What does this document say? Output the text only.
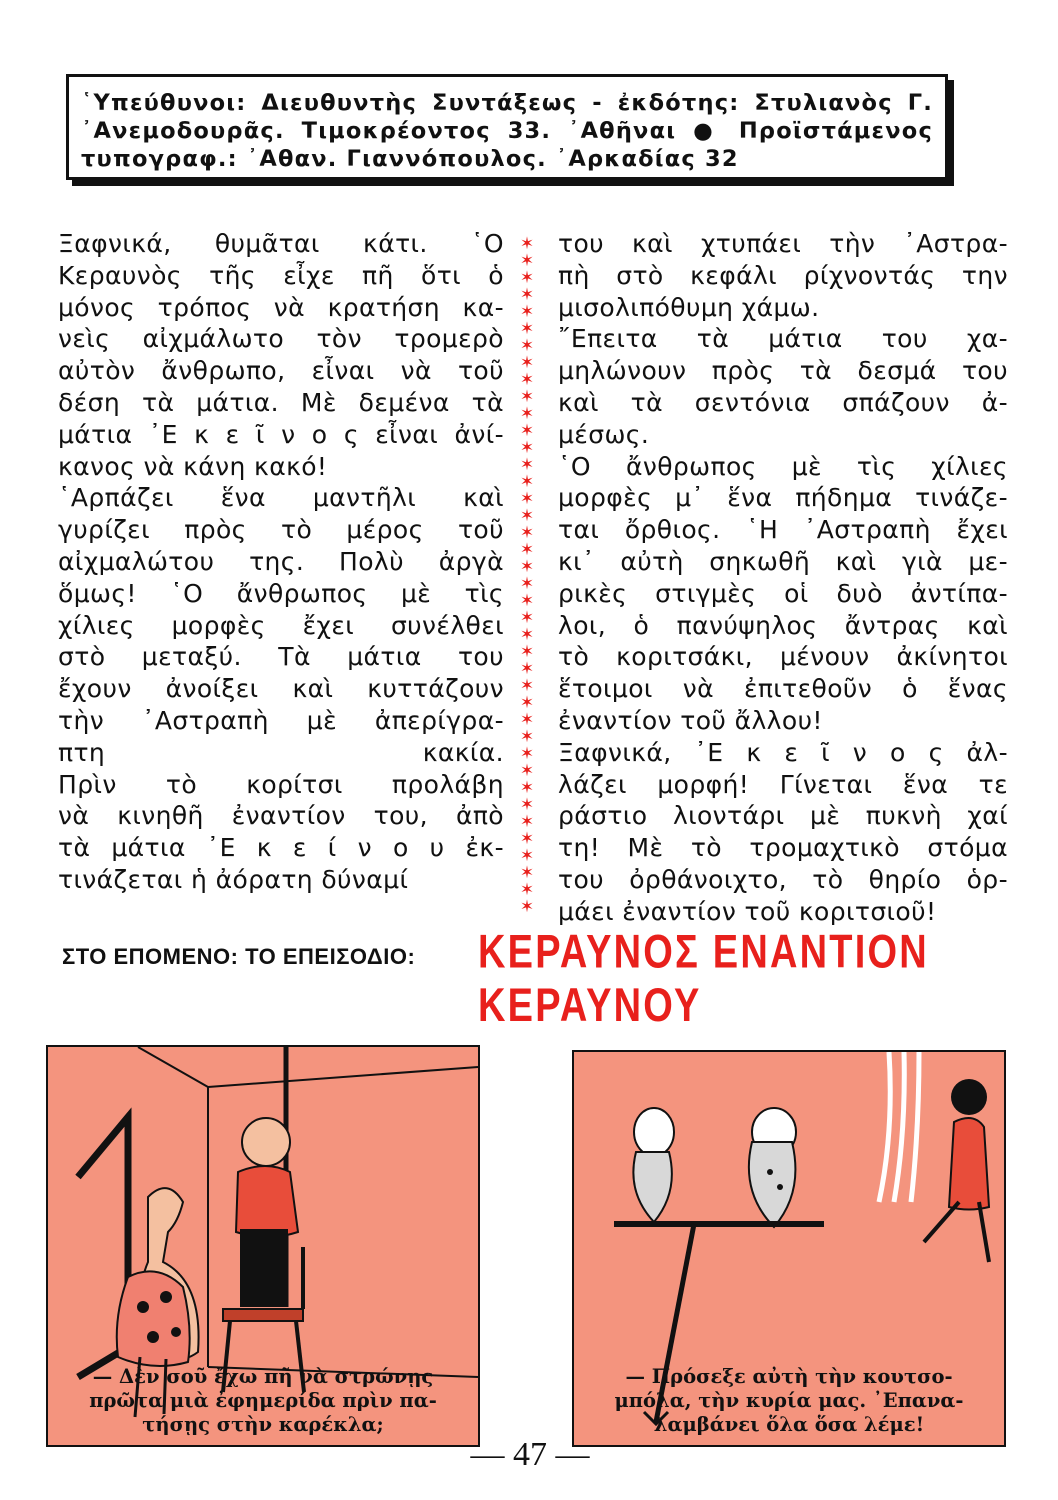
῾Υπεύθυνοι: Διευθυντὴς Συντάξεως - ἐκδότης: Στυλιανὸς Γ.

᾿Ανεμοδουρᾶς. Τιμοκρέοντος 33. ᾿Αθῆναι ● Προϊστάμενος

τυπογραφ.: ᾿Αθαν. Γιαννόπουλος. ᾿Αρκαδίας 32

Ξαφνικά, θυμᾶται κάτι. ῾Ο
Κεραυνὸς τῆς εἶχε πῆ ὅτι ὁ
μόνος τρόπος νὰ κρατήση κα-
νεὶς αἰχμάλωτο τὸν τρομερὸ
αὐτὸν ἄνθρωπο, εἶναι νὰ τοῦ
δέση τὰ μάτια. Μὲ δεμένα τὰ
μάτια ᾿Ε κ ε ῖ ν ο ς εἶναι ἀνί-
κανος νὰ κάνη κακό!
῾Αρπάζει ἕνα μαντῆλι καὶ
γυρίζει πρὸς τὸ μέρος τοῦ
αἰχμαλώτου της. Πολὺ ἀργὰ
ὅμως! ῾Ο ἄνθρωπος μὲ τὶς
χίλιες μορφὲς ἔχει συνέλθει
στὸ μεταξύ. Τὰ μάτια του
ἔχουν ἀνοίξει καὶ κυττάζουν
τὴν ᾿Αστραπὴ μὲ ἀπερίγρα-
πτη κακία.
Πρὶν τὸ κορίτσι προλάβη
νὰ κινηθῆ ἐναντίον του, ἀπὸ
τὰ μάτια ᾿Ε κ ε ί ν ο υ ἐκ-
τινάζεται ἡ ἀόρατη δύναμί
✶
✶
✶
✶
✶
✶
✶
✶
✶
✶
✶
✶
✶
✶
✶
✶
✶
✶
✶
✶
✶
✶
✶
✶
✶
✶
✶
✶
✶
✶
✶
✶
✶
✶
✶
✶
✶
✶
✶
✶
του καὶ χτυπάει τὴν ᾿Αστρα-
πὴ στὸ κεφάλι ρίχνοντάς την
μισολιπόθυμη χάμω.
῎Επειτα τὰ μάτια του χα-
μηλώνουν πρὸς τὰ δεσμά του
καὶ τὰ σεντόνια σπάζουν ἀ-
μέσως.
῾Ο ἄνθρωπος μὲ τὶς χίλιες
μορφὲς μ᾿ ἕνα πήδημα τινάζε-
ται ὄρθιος. ῾Η ᾿Αστραπὴ ἔχει
κι᾿ αὐτὴ σηκωθῆ καὶ γιὰ με-
ρικὲς στιγμὲς οἱ δυὸ ἀντίπα-
λοι, ὁ πανύψηλος ἄντρας καὶ
τὸ κοριτσάκι, μένουν ἀκίνητοι
ἕτοιμοι νὰ ἐπιτεθοῦν ὁ ἕνας
ἐναντίον τοῦ ἄλλου!
Ξαφνικά, ᾿Ε κ ε ῖ ν ο ς ἀλ-
λάζει μορφή! Γίνεται ἕνα τε
ράστιο λιοντάρι μὲ πυκνὴ χαί
τη! Μὲ τὸ τρομαχτικὸ στόμα
του ὀρθάνοιχτο, τὸ θηρίο ὁρ-
μάει ἐναντίον τοῦ κοριτσιοῦ!
ΣΤΟ ΕΠΟΜΕΝΟ: ΤΟ ΕΠΕΙΣΟΔΙΟ: ΚΕΡΑΥΝΟΣ ΕΝΑΝΤΙΟΝ ΚΕΡΑΥΝΟΥ
— Δὲν σοῦ ἔχω πῆ νὰ στρώνῃς
πρῶτα μιὰ ἐφημερίδα πρὶν πα-
τήσῃς στὴν καρέκλα;
— Πρόσεξε αὐτὴ τὴν κουτσο-
μπόλα, τὴν κυρία μας. ᾿Επανα-
λαμβάνει ὅλα ὅσα λέμε!
— 47 —
